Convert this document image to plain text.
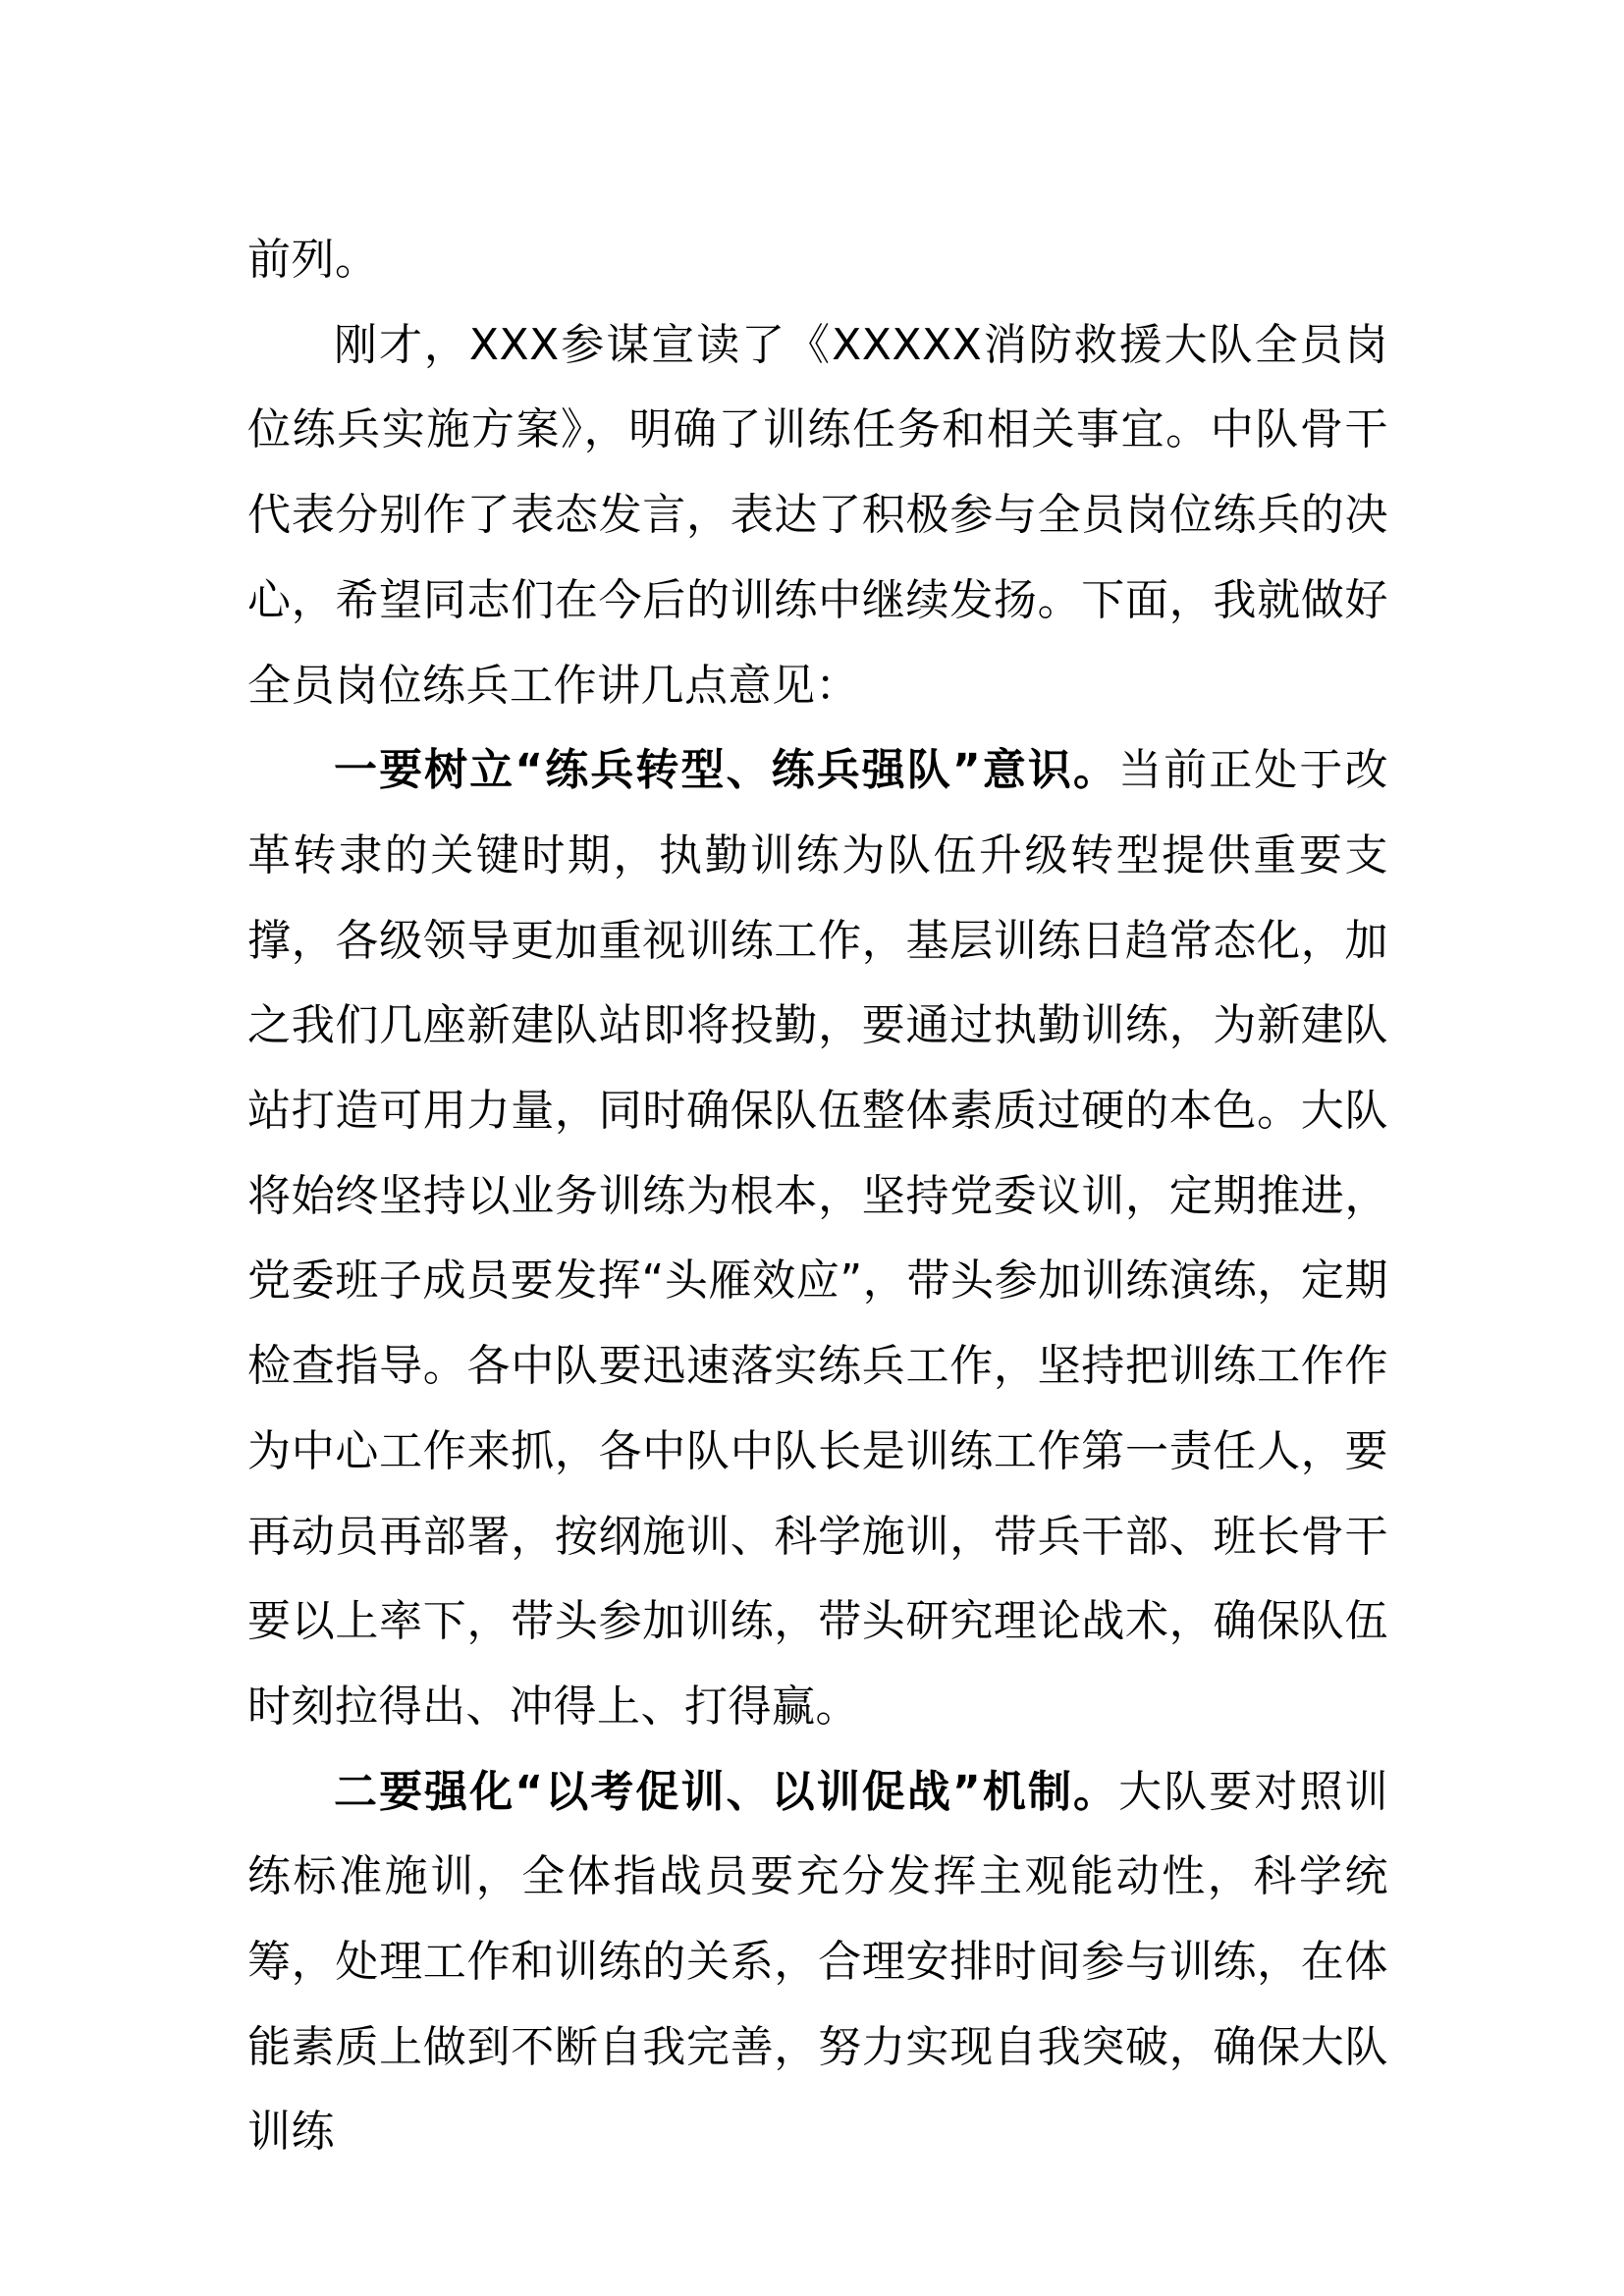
前列。

刚才，XXX参谋宣读了《XXXXX消防救援大队全员岗位练兵实施方案》，明确了训练任务和相关事宜。中队骨干代表分别作了表态发言，表达了积极参与全员岗位练兵的决心，希望同志们在今后的训练中继续发扬。下面，我就做好全员岗位练兵工作讲几点意见：

一要树立“练兵转型、练兵强队”意识。当前正处于改革转隶的关键时期，执勤训练为队伍升级转型提供重要支撑，各级领导更加重视训练工作，基层训练日趋常态化，加之我们几座新建队站即将投勤，要通过执勤训练，为新建队站打造可用力量，同时确保队伍整体素质过硬的本色。大队将始终坚持以业务训练为根本，坚持党委议训，定期推进，党委班子成员要发挥“头雁效应”，带头参加训练演练，定期检查指导。各中队要迅速落实练兵工作，坚持把训练工作作为中心工作来抓，各中队中队长是训练工作第一责任人，要再动员再部署，按纲施训、科学施训，带兵干部、班长骨干要以上率下，带头参加训练，带头研究理论战术，确保队伍时刻拉得出、冲得上、打得赢。

二要强化“以考促训、以训促战”机制。大队要对照训练标准施训，全体指战员要充分发挥主观能动性，科学统筹，处理工作和训练的关系，合理安排时间参与训练，在体能素质上做到不断自我完善，努力实现自我突破，确保大队训练
